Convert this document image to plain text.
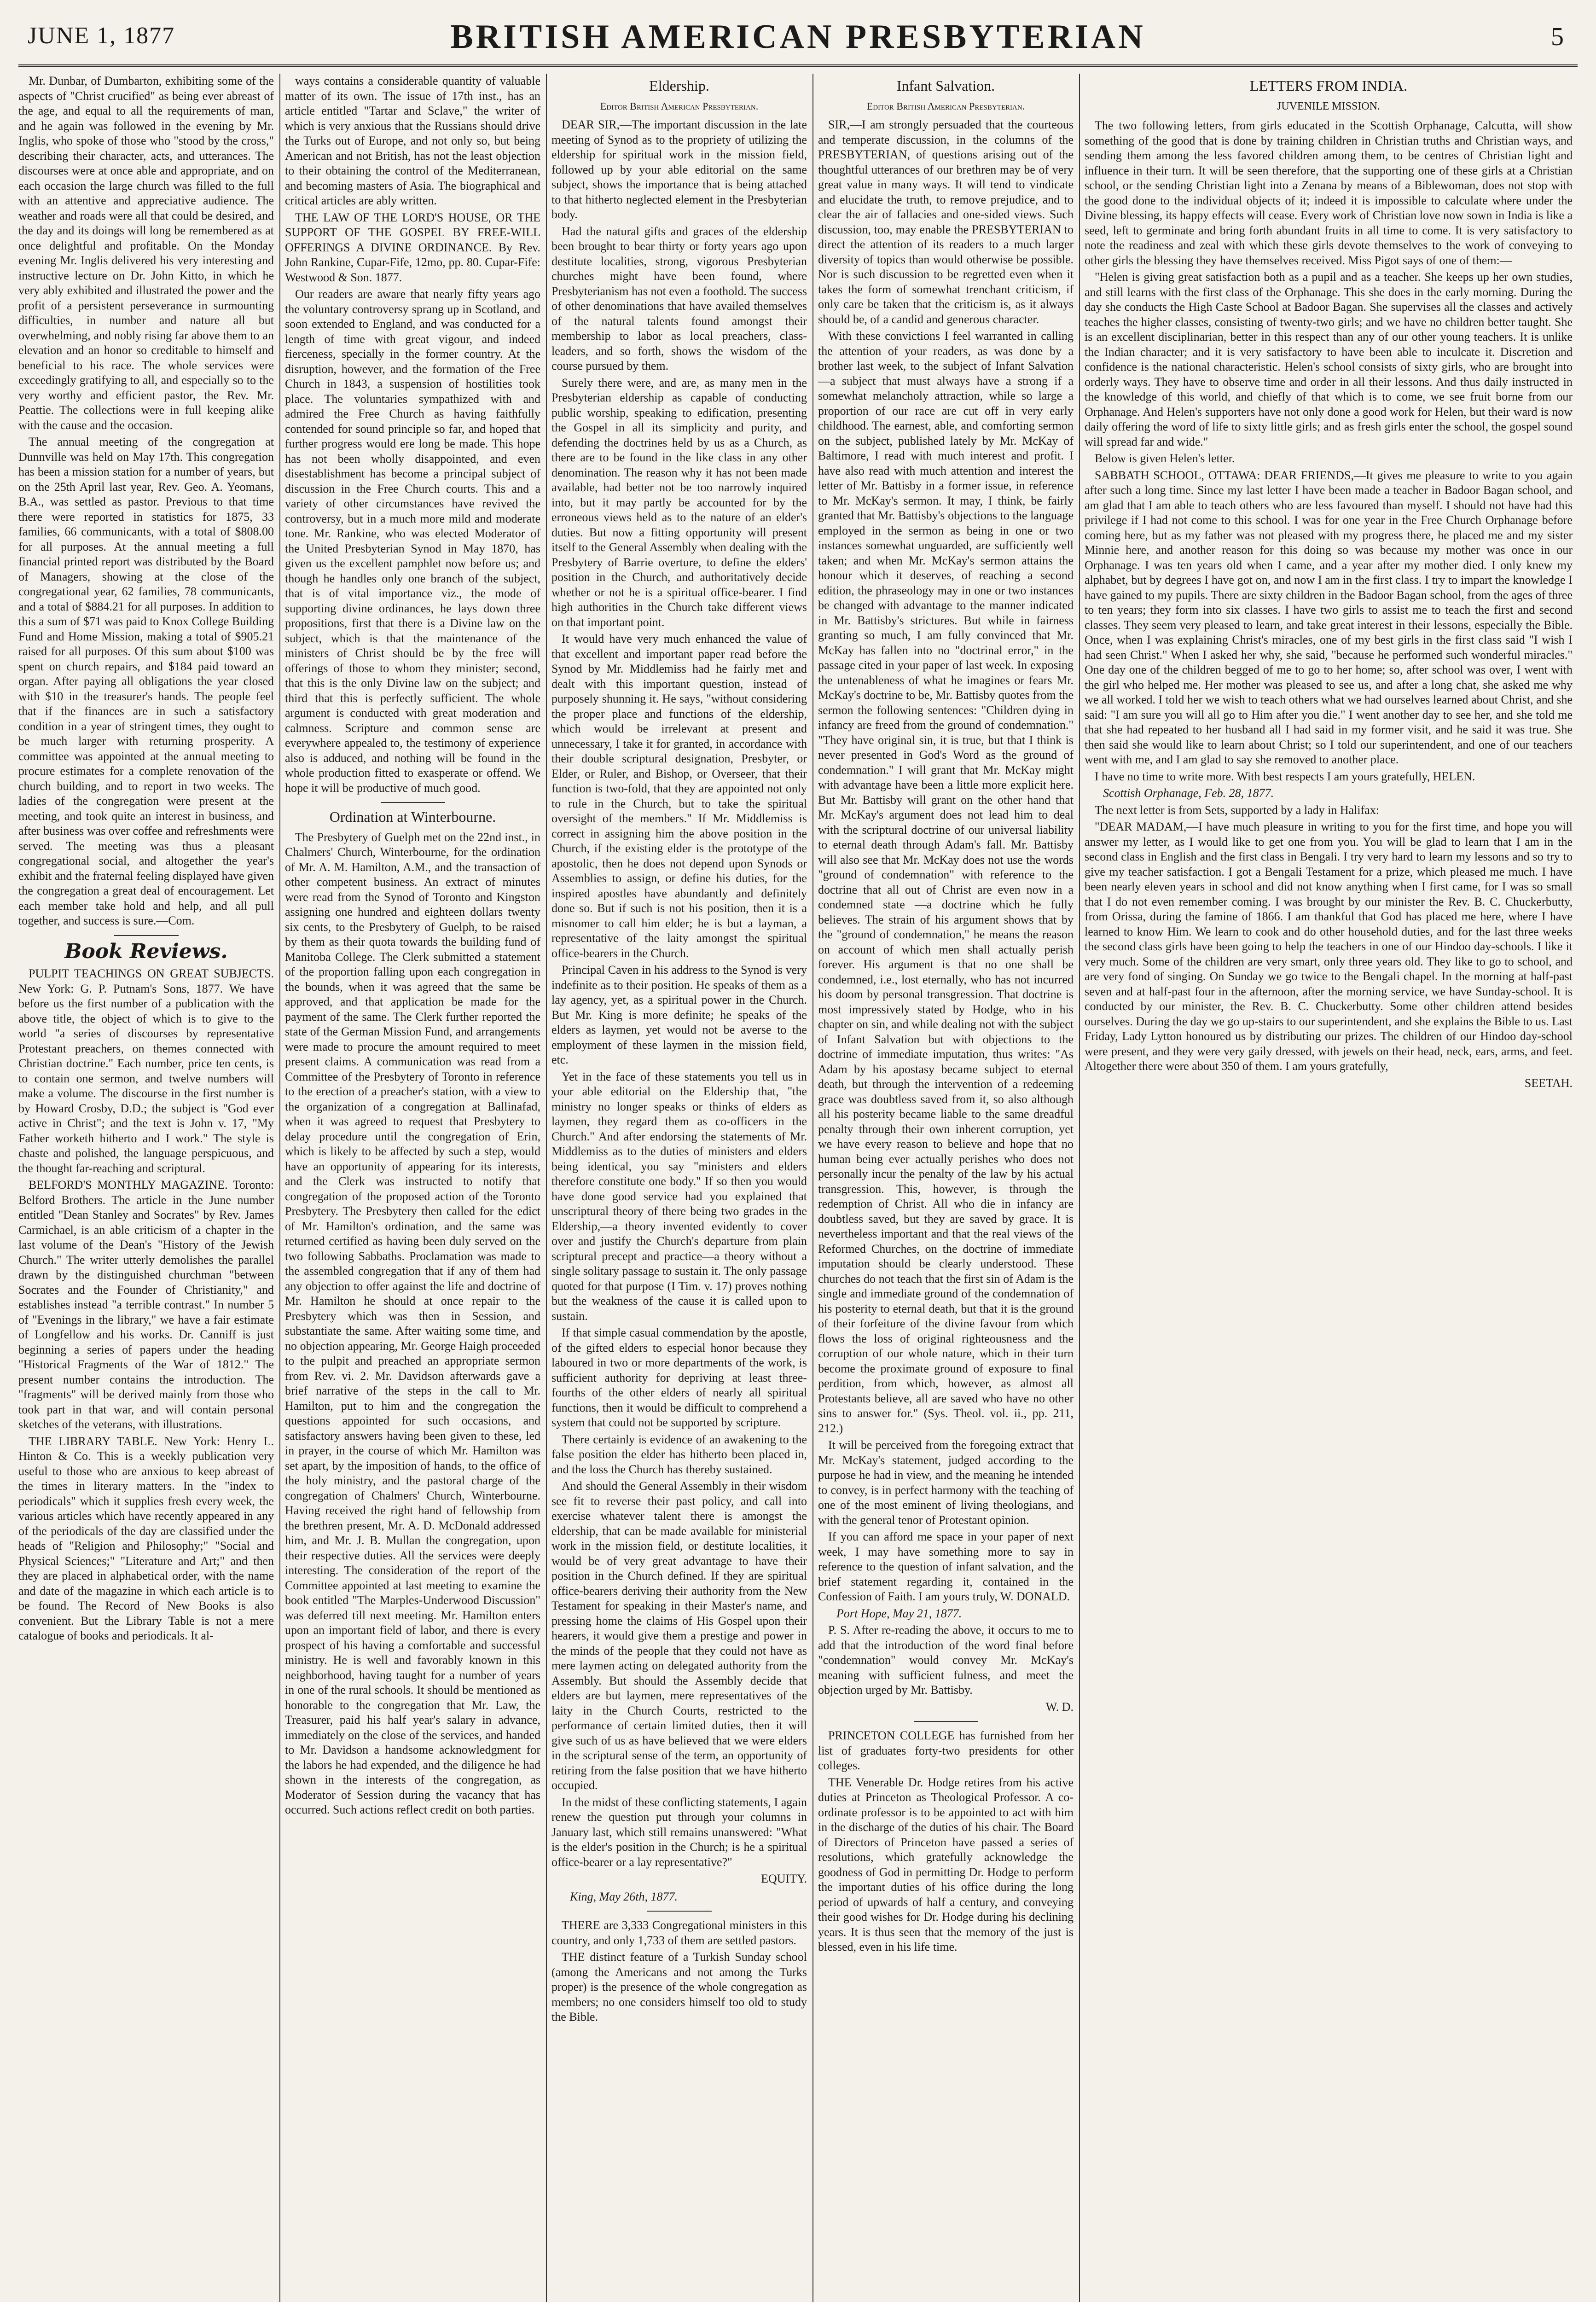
JUNE 1, 1877	BRITISH AMERICAN PRESBYTERIAN	5

Mr. Dunbar, of Dumbarton, exhibiting some of the aspects of "Christ crucified" as being ever abreast of the age, and equal to all the requirements of man, and he again was followed in the evening by Mr. Inglis, who spoke of those who "stood by the cross," describing their character, acts, and utterances. The discourses were at once able and appropriate, and on each occasion the large church was filled to the full with an attentive and appreciative audience. The weather and roads were all that could be desired, and the day and its doings will long be remembered as at once delightful and profitable. On the Monday evening Mr. Inglis delivered his very interesting and instructive lecture on Dr. John Kitto, in which he very ably exhibited and illustrated the power and the profit of a persistent perseverance in surmounting difficulties, in number and nature all but overwhelming, and nobly rising far above them to an elevation and an honor so creditable to himself and beneficial to his race. The whole services were exceedingly gratifying to all, and especially so to the very worthy and efficient pastor, the Rev. Mr. Peattie. The collections were in full keeping alike with the cause and the occasion.

The annual meeting of the congregation at Dunnville was held on May 17th. This congregation has been a mission station for a number of years, but on the 25th April last year, Rev. Geo. A. Yeomans, B.A., was settled as pastor. Previous to that time there were reported in statistics for 1875, 33 families, 66 communicants, with a total of $808.00 for all purposes. At the annual meeting a full financial printed report was distributed by the Board of Managers, showing at the close of the congregational year, 62 families, 78 communicants, and a total of $884.21 for all purposes. In addition to this a sum of $71 was paid to Knox College Building Fund and Home Mission, making a total of $905.21 raised for all purposes. Of this sum about $100 was spent on church repairs, and $184 paid toward an organ. After paying all obligations the year closed with $10 in the treasurer's hands. The people feel that if the finances are in such a satisfactory condition in a year of stringent times, they ought to be much larger with returning prosperity. A committee was appointed at the annual meeting to procure estimates for a complete renovation of the church building, and to report in two weeks. The ladies of the congregation were present at the meeting, and took quite an interest in business, and after business was over coffee and refreshments were served. The meeting was thus a pleasant congregational social, and altogether the year's exhibit and the fraternal feeling displayed have given the congregation a great deal of encouragement. Let each member take hold and help, and all pull together, and success is sure.—Com.

Book Reviews.

PULPIT TEACHINGS ON GREAT SUBJECTS. New York: G. P. Putnam's Sons, 1877. We have before us the first number of a publication with the above title, the object of which is to give to the world "a series of discourses by representative Protestant preachers, on themes connected with Christian doctrine." Each number, price ten cents, is to contain one sermon, and twelve numbers will make a volume. The discourse in the first number is by Howard Crosby, D.D.; the subject is "God ever active in Christ"; and the text is John v. 17, "My Father worketh hitherto and I work." The style is chaste and polished, the language perspicuous, and the thought far-reaching and scriptural.

BELFORD'S MONTHLY MAGAZINE. Toronto: Belford Brothers. The article in the June number entitled "Dean Stanley and Socrates" by Rev. James Carmichael, is an able criticism of a chapter in the last volume of the Dean's "History of the Jewish Church." The writer utterly demolishes the parallel drawn by the distinguished churchman "between Socrates and the Founder of Christianity," and establishes instead "a terrible contrast." In number 5 of "Evenings in the library," we have a fair estimate of Longfellow and his works. Dr. Canniff is just beginning a series of papers under the heading "Historical Fragments of the War of 1812." The present number contains the introduction. The "fragments" will be derived mainly from those who took part in that war, and will contain personal sketches of the veterans, with illustrations.

THE LIBRARY TABLE. New York: Henry L. Hinton & Co. This is a weekly publication very useful to those who are anxious to keep abreast of the times in literary matters. In the "index to periodicals" which it supplies fresh every week, the various articles which have recently appeared in any of the periodicals of the day are classified under the heads of "Religion and Philosophy;" "Social and Physical Sciences;" "Literature and Art;" and then they are placed in alphabetical order, with the name and date of the magazine in which each article is to be found. The Record of New Books is also convenient. But the Library Table is not a mere catalogue of books and periodicals. It al-

ways contains a considerable quantity of valuable matter of its own. The issue of 17th inst., has an article entitled "Tartar and Sclave," the writer of which is very anxious that the Russians should drive the Turks out of Europe, and not only so, but being American and not British, has not the least objection to their obtaining the control of the Mediterranean, and becoming masters of Asia. The biographical and critical articles are ably written.

THE LAW OF THE LORD'S HOUSE, OR THE SUPPORT OF THE GOSPEL BY FREE-WILL OFFERINGS A DIVINE ORDINANCE. By Rev. John Rankine, Cupar-Fife, 12mo, pp. 80. Cupar-Fife: Westwood & Son. 1877.

Our readers are aware that nearly fifty years ago the voluntary controversy sprang up in Scotland, and soon extended to England, and was conducted for a length of time with great vigour, and indeed fierceness, specially in the former country. At the disruption, however, and the formation of the Free Church in 1843, a suspension of hostilities took place. The voluntaries sympathized with and admired the Free Church as having faithfully contended for sound principle so far, and hoped that further progress would ere long be made. This hope has not been wholly disappointed, and even disestablishment has become a principal subject of discussion in the Free Church courts. This and a variety of other circumstances have revived the controversy, but in a much more mild and moderate tone. Mr. Rankine, who was elected Moderator of the United Presbyterian Synod in May 1870, has given us the excellent pamphlet now before us; and though he handles only one branch of the subject, that is of vital importance viz., the mode of supporting divine ordinances, he lays down three propositions, first that there is a Divine law on the subject, which is that the maintenance of the ministers of Christ should be by the free will offerings of those to whom they minister; second, that this is the only Divine law on the subject; and third that this is perfectly sufficient. The whole argument is conducted with great moderation and calmness. Scripture and common sense are everywhere appealed to, the testimony of experience also is adduced, and nothing will be found in the whole production fitted to exasperate or offend. We hope it will be productive of much good.

Ordination at Winterbourne.

The Presbytery of Guelph met on the 22nd inst., in Chalmers' Church, Winterbourne, for the ordination of Mr. A. M. Hamilton, A.M., and the transaction of other competent business. An extract of minutes were read from the Synod of Toronto and Kingston assigning one hundred and eighteen dollars twenty six cents, to the Presbytery of Guelph, to be raised by them as their quota towards the building fund of Manitoba College. The Clerk submitted a statement of the proportion falling upon each congregation in the bounds, when it was agreed that the same be approved, and that application be made for the payment of the same. The Clerk further reported the state of the German Mission Fund, and arrangements were made to procure the amount required to meet present claims. A communication was read from a Committee of the Presbytery of Toronto in reference to the erection of a preacher's station, with a view to the organization of a congregation at Ballinafad, when it was agreed to request that Presbytery to delay procedure until the congregation of Erin, which is likely to be affected by such a step, would have an opportunity of appearing for its interests, and the Clerk was instructed to notify that congregation of the proposed action of the Toronto Presbytery. The Presbytery then called for the edict of Mr. Hamilton's ordination, and the same was returned certified as having been duly served on the two following Sabbaths. Proclamation was made to the assembled congregation that if any of them had any objection to offer against the life and doctrine of Mr. Hamilton he should at once repair to the Presbytery which was then in Session, and substantiate the same. After waiting some time, and no objection appearing, Mr. George Haigh proceeded to the pulpit and preached an appropriate sermon from Rev. vi. 2. Mr. Davidson afterwards gave a brief narrative of the steps in the call to Mr. Hamilton, put to him and the congregation the questions appointed for such occasions, and satisfactory answers having been given to these, led in prayer, in the course of which Mr. Hamilton was set apart, by the imposition of hands, to the office of the holy ministry, and the pastoral charge of the congregation of Chalmers' Church, Winterbourne. Having received the right hand of fellowship from the brethren present, Mr. A. D. McDonald addressed him, and Mr. J. B. Mullan the congregation, upon their respective duties. All the services were deeply interesting. The consideration of the report of the Committee appointed at last meeting to examine the book entitled "The Marples-Underwood Discussion" was deferred till next meeting. Mr. Hamilton enters upon an important field of labor, and there is every prospect of his having a comfortable and successful ministry. He is well and favorably known in this neighborhood, having taught for a number of years in one of the rural schools. It should be mentioned as honorable to the congregation that Mr. Law, the Treasurer, paid his half year's salary in advance, immediately on the close of the services, and handed to Mr. Davidson a handsome acknowledgment for the labors he had expended, and the diligence he had shown in the interests of the congregation, as Moderator of Session during the vacancy that has occurred. Such actions reflect credit on both parties.

Eldership.
Editor British American Presbyterian.

DEAR SIR,—The important discussion in the late meeting of Synod as to the propriety of utilizing the eldership for spiritual work in the mission field, followed up by your able editorial on the same subject, shows the importance that is being attached to that hitherto neglected element in the Presbyterian body.

Had the natural gifts and graces of the eldership been brought to bear thirty or forty years ago upon destitute localities, strong, vigorous Presbyterian churches might have been found, where Presbyterianism has not even a foothold. The success of other denominations that have availed themselves of the natural talents found amongst their membership to labor as local preachers, class-leaders, and so forth, shows the wisdom of the course pursued by them.

Surely there were, and are, as many men in the Presbyterian eldership as capable of conducting public worship, speaking to edification, presenting the Gospel in all its simplicity and purity, and defending the doctrines held by us as a Church, as there are to be found in the like class in any other denomination. The reason why it has not been made available, had better not be too narrowly inquired into, but it may partly be accounted for by the erroneous views held as to the nature of an elder's duties. But now a fitting opportunity will present itself to the General Assembly when dealing with the Presbytery of Barrie overture, to define the elders' position in the Church, and authoritatively decide whether or not he is a spiritual office-bearer. I find high authorities in the Church take different views on that important point.

It would have very much enhanced the value of that excellent and important paper read before the Synod by Mr. Middlemiss had he fairly met and dealt with this important question, instead of purposely shunning it. He says, "without considering the proper place and functions of the eldership, which would be irrelevant at present and unnecessary, I take it for granted, in accordance with their double scriptural designation, Presbyter, or Elder, or Ruler, and Bishop, or Overseer, that their function is two-fold, that they are appointed not only to rule in the Church, but to take the spiritual oversight of the members." If Mr. Middlemiss is correct in assigning him the above position in the Church, if the existing elder is the prototype of the apostolic, then he does not depend upon Synods or Assemblies to assign, or define his duties, for the inspired apostles have abundantly and definitely done so. But if such is not his position, then it is a misnomer to call him elder; he is but a layman, a representative of the laity amongst the spiritual office-bearers in the Church.

Principal Caven in his address to the Synod is very indefinite as to their position. He speaks of them as a lay agency, yet, as a spiritual power in the Church. But Mr. King is more definite; he speaks of the elders as laymen, yet would not be averse to the employment of these laymen in the mission field, etc.

Yet in the face of these statements you tell us in your able editorial on the Eldership that, "the ministry no longer speaks or thinks of elders as laymen, they regard them as co-officers in the Church." And after endorsing the statements of Mr. Middlemiss as to the duties of ministers and elders being identical, you say "ministers and elders therefore constitute one body." If so then you would have done good service had you explained that unscriptural theory of there being two grades in the Eldership,—a theory invented evidently to cover over and justify the Church's departure from plain scriptural precept and practice—a theory without a single solitary passage to sustain it. The only passage quoted for that purpose (I Tim. v. 17) proves nothing but the weakness of the cause it is called upon to sustain.

If that simple casual commendation by the apostle, of the gifted elders to especial honor because they laboured in two or more departments of the work, is sufficient authority for depriving at least three-fourths of the other elders of nearly all spiritual functions, then it would be difficult to comprehend a system that could not be supported by scripture.

There certainly is evidence of an awakening to the false position the elder has hitherto been placed in, and the loss the Church has thereby sustained.

And should the General Assembly in their wisdom see fit to reverse their past policy, and call into exercise whatever talent there is amongst the eldership, that can be made available for ministerial work in the mission field, or destitute localities, it would be of very great advantage to have their position in the Church defined. If they are spiritual office-bearers deriving their authority from the New Testament for speaking in their Master's name, and pressing home the claims of His Gospel upon their hearers, it would give them a prestige and power in the minds of the people that they could not have as mere laymen acting on delegated authority from the Assembly. But should the Assembly decide that elders are but laymen, mere representatives of the laity in the Church Courts, restricted to the performance of certain limited duties, then it will give such of us as have believed that we were elders in the scriptural sense of the term, an opportunity of retiring from the false position that we have hitherto occupied.

In the midst of these conflicting statements, I again renew the question put through your columns in January last, which still remains unanswered: "What is the elder's position in the Church; is he a spiritual office-bearer or a lay representative?"

EQUITY.
King, May 26th, 1877.

THERE are 3,333 Congregational ministers in this country, and only 1,733 of them are settled pastors.

THE distinct feature of a Turkish Sunday school (among the Americans and not among the Turks proper) is the presence of the whole congregation as members; no one considers himself too old to study the Bible.

Infant Salvation.
Editor British American Presbyterian.

SIR,—I am strongly persuaded that the courteous and temperate discussion, in the columns of the PRESBYTERIAN, of questions arising out of the thoughtful utterances of our brethren may be of very great value in many ways. It will tend to vindicate and elucidate the truth, to remove prejudice, and to clear the air of fallacies and one-sided views. Such discussion, too, may enable the PRESBYTERIAN to direct the attention of its readers to a much larger diversity of topics than would otherwise be possible. Nor is such discussion to be regretted even when it takes the form of somewhat trenchant criticism, if only care be taken that the criticism is, as it always should be, of a candid and generous character.

With these convictions I feel warranted in calling the attention of your readers, as was done by a brother last week, to the subject of Infant Salvation—a subject that must always have a strong if a somewhat melancholy attraction, while so large a proportion of our race are cut off in very early childhood. The earnest, able, and comforting sermon on the subject, published lately by Mr. McKay of Baltimore, I read with much interest and profit. I have also read with much attention and interest the letter of Mr. Battisby in a former issue, in reference to Mr. McKay's sermon. It may, I think, be fairly granted that Mr. Battisby's objections to the language employed in the sermon as being in one or two instances somewhat unguarded, are sufficiently well taken; and when Mr. McKay's sermon attains the honour which it deserves, of reaching a second edition, the phraseology may in one or two instances be changed with advantage to the manner indicated in Mr. Battisby's strictures. But while in fairness granting so much, I am fully convinced that Mr. McKay has fallen into no "doctrinal error," in the passage cited in your paper of last week. In exposing the untenableness of what he imagines or fears Mr. McKay's doctrine to be, Mr. Battisby quotes from the sermon the following sentences: "Children dying in infancy are freed from the ground of condemnation." "They have original sin, it is true, but that I think is never presented in God's Word as the ground of condemnation." I will grant that Mr. McKay might with advantage have been a little more explicit here. But Mr. Battisby will grant on the other hand that Mr. McKay's argument does not lead him to deal with the scriptural doctrine of our universal liability to eternal death through Adam's fall. Mr. Battisby will also see that Mr. McKay does not use the words "ground of condemnation" with reference to the doctrine that all out of Christ are even now in a condemned state —a doctrine which he fully believes. The strain of his argument shows that by the "ground of condemnation," he means the reason on account of which men shall actually perish forever. His argument is that no one shall be condemned, i.e., lost eternally, who has not incurred his doom by personal transgression. That doctrine is most impressively stated by Hodge, who in his chapter on sin, and while dealing not with the subject of Infant Salvation but with objections to the doctrine of immediate imputation, thus writes: "As Adam by his apostasy became subject to eternal death, but through the intervention of a redeeming grace was doubtless saved from it, so also although all his posterity became liable to the same dreadful penalty through their own inherent corruption, yet we have every reason to believe and hope that no human being ever actually perishes who does not personally incur the penalty of the law by his actual transgression. This, however, is through the redemption of Christ. All who die in infancy are doubtless saved, but they are saved by grace. It is nevertheless important and that the real views of the Reformed Churches, on the doctrine of immediate imputation should be clearly understood. These churches do not teach that the first sin of Adam is the single and immediate ground of the condemnation of his posterity to eternal death, but that it is the ground of their forfeiture of the divine favour from which flows the loss of original righteousness and the corruption of our whole nature, which in their turn become the proximate ground of exposure to final perdition, from which, however, as almost all Protestants believe, all are saved who have no other sins to answer for." (Sys. Theol. vol. ii., pp. 211, 212.)

It will be perceived from the foregoing extract that Mr. McKay's statement, judged according to the purpose he had in view, and the meaning he intended to convey, is in perfect harmony with the teaching of one of the most eminent of living theologians, and with the general tenor of Protestant opinion.

If you can afford me space in your paper of next week, I may have something more to say in reference to the question of infant salvation, and the brief statement regarding it, contained in the Confession of Faith. I am yours truly, W. DONALD.

Port Hope, May 21, 1877.

P. S. After re-reading the above, it occurs to me to add that the introduction of the word final before "condemnation" would convey Mr. McKay's meaning with sufficient fulness, and meet the objection urged by Mr. Battisby.

W. D.

PRINCETON COLLEGE has furnished from her list of graduates forty-two presidents for other colleges.

THE Venerable Dr. Hodge retires from his active duties at Princeton as Theological Professor. A co-ordinate professor is to be appointed to act with him in the discharge of the duties of his chair. The Board of Directors of Princeton have passed a series of resolutions, which gratefully acknowledge the goodness of God in permitting Dr. Hodge to perform the important duties of his office during the long period of upwards of half a century, and conveying their good wishes for Dr. Hodge during his declining years. It is thus seen that the memory of the just is blessed, even in his life time.

LETTERS FROM INDIA.
JUVENILE MISSION.

The two following letters, from girls educated in the Scottish Orphanage, Calcutta, will show something of the good that is done by training children in Christian truths and Christian ways, and sending them among the less favored children among them, to be centres of Christian light and influence in their turn. It will be seen therefore, that the supporting one of these girls at a Christian school, or the sending Christian light into a Zenana by means of a Biblewoman, does not stop with the good done to the individual objects of it; indeed it is impossible to calculate where under the Divine blessing, its happy effects will cease. Every work of Christian love now sown in India is like a seed, left to germinate and bring forth abundant fruits in all time to come. It is very satisfactory to note the readiness and zeal with which these girls devote themselves to the work of conveying to other girls the blessing they have themselves received. Miss Pigot says of one of them:—

"Helen is giving great satisfaction both as a pupil and as a teacher. She keeps up her own studies, and still learns with the first class of the Orphanage. This she does in the early morning. During the day she conducts the High Caste School at Badoor Bagan. She supervises all the classes and actively teaches the higher classes, consisting of twenty-two girls; and we have no children better taught. She is an excellent disciplinarian, better in this respect than any of our other young teachers. It is unlike the Indian character; and it is very satisfactory to have been able to inculcate it. Discretion and confidence is the national characteristic. Helen's school consists of sixty girls, who are brought into orderly ways. They have to observe time and order in all their lessons. And thus daily instructed in the knowledge of this world, and chiefly of that which is to come, we see fruit borne from our Orphanage. And Helen's supporters have not only done a good work for Helen, but their ward is now daily offering the word of life to sixty little girls; and as fresh girls enter the school, the gospel sound will spread far and wide."

Below is given Helen's letter.

SABBATH SCHOOL, OTTAWA: DEAR FRIENDS,—It gives me pleasure to write to you again after such a long time. Since my last letter I have been made a teacher in Badoor Bagan school, and am glad that I am able to teach others who are less favoured than myself. I should not have had this privilege if I had not come to this school. I was for one year in the Free Church Orphanage before coming here, but as my father was not pleased with my progress there, he placed me and my sister Minnie here, and another reason for this doing so was because my mother was once in our Orphanage. I was ten years old when I came, and a year after my mother died. I only knew my alphabet, but by degrees I have got on, and now I am in the first class. I try to impart the knowledge I have gained to my pupils. There are sixty children in the Badoor Bagan school, from the ages of three to ten years; they form into six classes. I have two girls to assist me to teach the first and second classes. They seem very pleased to learn, and take great interest in their lessons, especially the Bible. Once, when I was explaining Christ's miracles, one of my best girls in the first class said "I wish I had seen Christ." When I asked her why, she said, "because he performed such wonderful miracles." One day one of the children begged of me to go to her home; so, after school was over, I went with the girl who helped me. Her mother was pleased to see us, and after a long chat, she asked me why we all worked. I told her we wish to teach others what we had ourselves learned about Christ, and she said: "I am sure you will all go to Him after you die." I went another day to see her, and she told me that she had repeated to her husband all I had said in my former visit, and he said it was true. She then said she would like to learn about Christ; so I told our superintendent, and one of our teachers went with me, and I am glad to say she removed to another place.

I have no time to write more. With best respects I am yours gratefully, HELEN.

Scottish Orphanage, Feb. 28, 1877.

The next letter is from Sets, supported by a lady in Halifax:

"DEAR MADAM,—I have much pleasure in writing to you for the first time, and hope you will answer my letter, as I would like to get one from you. You will be glad to learn that I am in the second class in English and the first class in Bengali. I try very hard to learn my lessons and so try to give my teacher satisfaction. I got a Bengali Testament for a prize, which pleased me much. I have been nearly eleven years in school and did not know anything when I first came, for I was so small that I do not even remember coming. I was brought by our minister the Rev. B. C. Chuckerbutty, from Orissa, during the famine of 1866. I am thankful that God has placed me here, where I have learned to know Him. We learn to cook and do other household duties, and for the last three weeks the second class girls have been going to help the teachers in one of our Hindoo day-schools. I like it very much. Some of the children are very smart, only three years old. They like to go to school, and are very fond of singing. On Sunday we go twice to the Bengali chapel. In the morning at half-past seven and at half-past four in the afternoon, after the morning service, we have Sunday-school. It is conducted by our minister, the Rev. B. C. Chuckerbutty. Some other children attend besides ourselves. During the day we go up-stairs to our superintendent, and she explains the Bible to us. Last Friday, Lady Lytton honoured us by distributing our prizes. The children of our Hindoo day-school were present, and they were very gaily dressed, with jewels on their head, neck, ears, arms, and feet. Altogether there were about 350 of them. I am yours gratefully,

SEETAH.
